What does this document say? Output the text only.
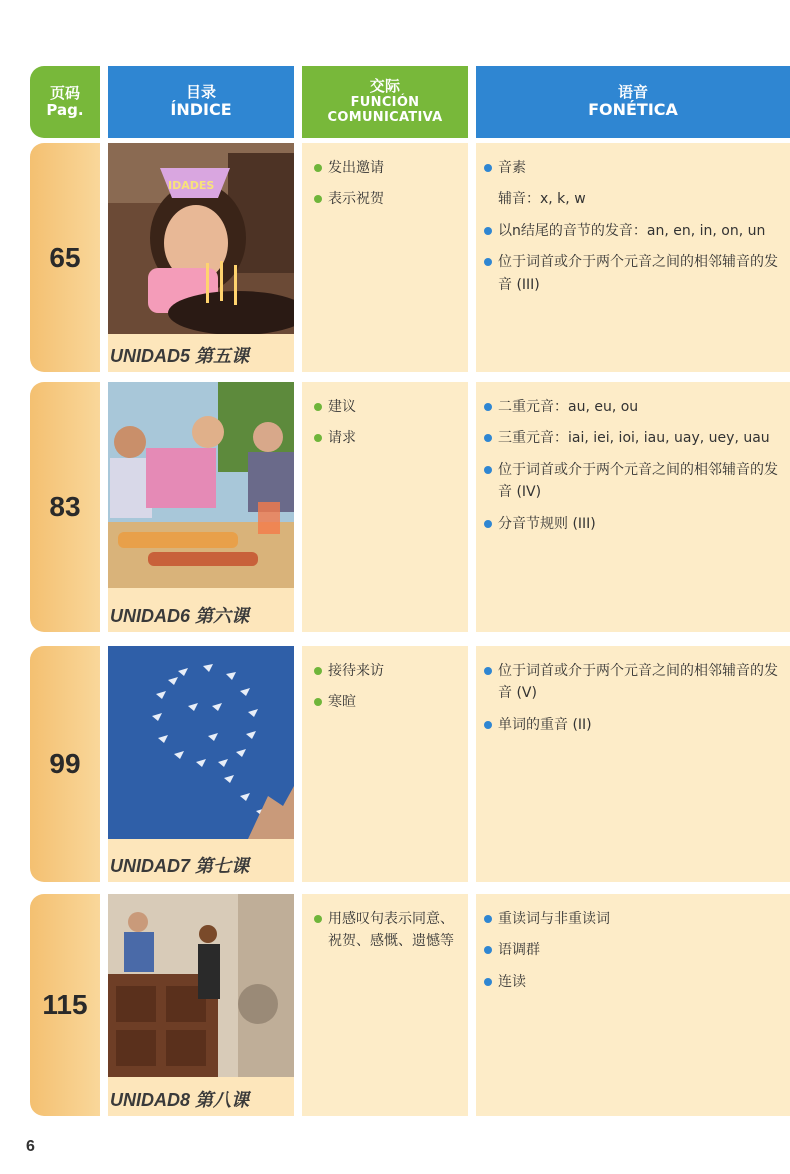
页码
Pag.
目录
ÍNDICE
交际
FUNCIÓN
COMUNICATIVA
语音
FONÉTICA
65
IDADES
UNIDAD5 第五课
发出邀请
表示祝贺
音素
辅音：x, k, w
以n结尾的音节的发音：an, en, in, on, un
位于词首或介于两个元音之间的相邻辅音的发音 (III)
83
UNIDAD6 第六课
建议
请求
二重元音：au, eu, ou
三重元音：iai, iei, ioi, iau, uay, uey, uau
位于词首或介于两个元音之间的相邻辅音的发音 (IV)
分音节规则 (III)
99
UNIDAD7 第七课
接待来访
寒暄
位于词首或介于两个元音之间的相邻辅音的发音 (V)
单词的重音 (II)
115
UNIDAD8 第八课
用感叹句表示同意、祝贺、感慨、遗憾等
重读词与非重读词
语调群
连读
6
